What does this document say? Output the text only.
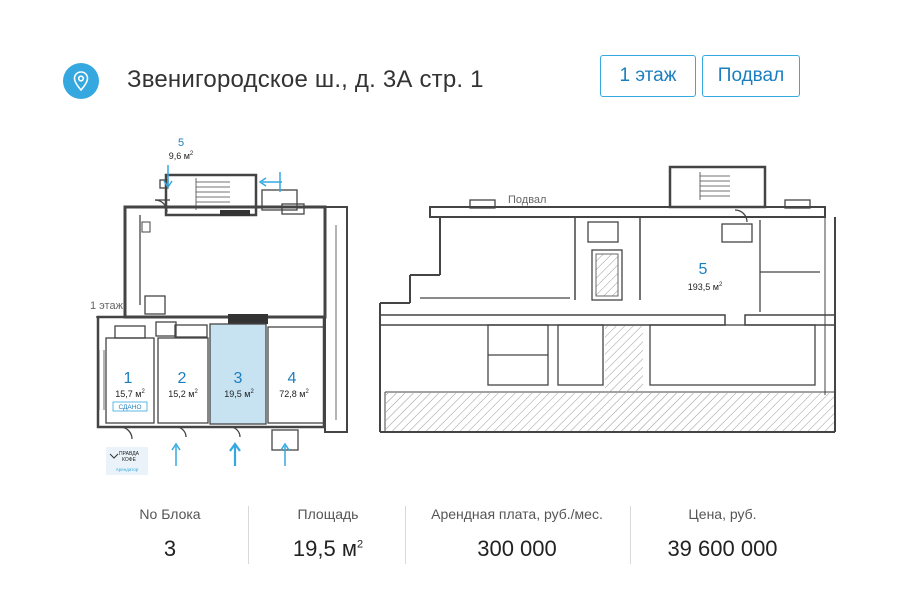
Звенигородское ш., д. 3А стр. 1	1 этаж	Подвал
5
9,6 $м^2$
1 этаж
1
15,7 $м^2$
СДАНО
2
15,2 $м^2$
3
19,5 $м^2$
4
72,8 $м^2$
ПРАВДА
КОФЕ
Арендатор
Подвал
5
193,5 $м^2$
No Блока
3
Площадь
19,5 $м^2$
Арендная плата, руб./мес.
300 000
Цена, руб.
39 600 000
